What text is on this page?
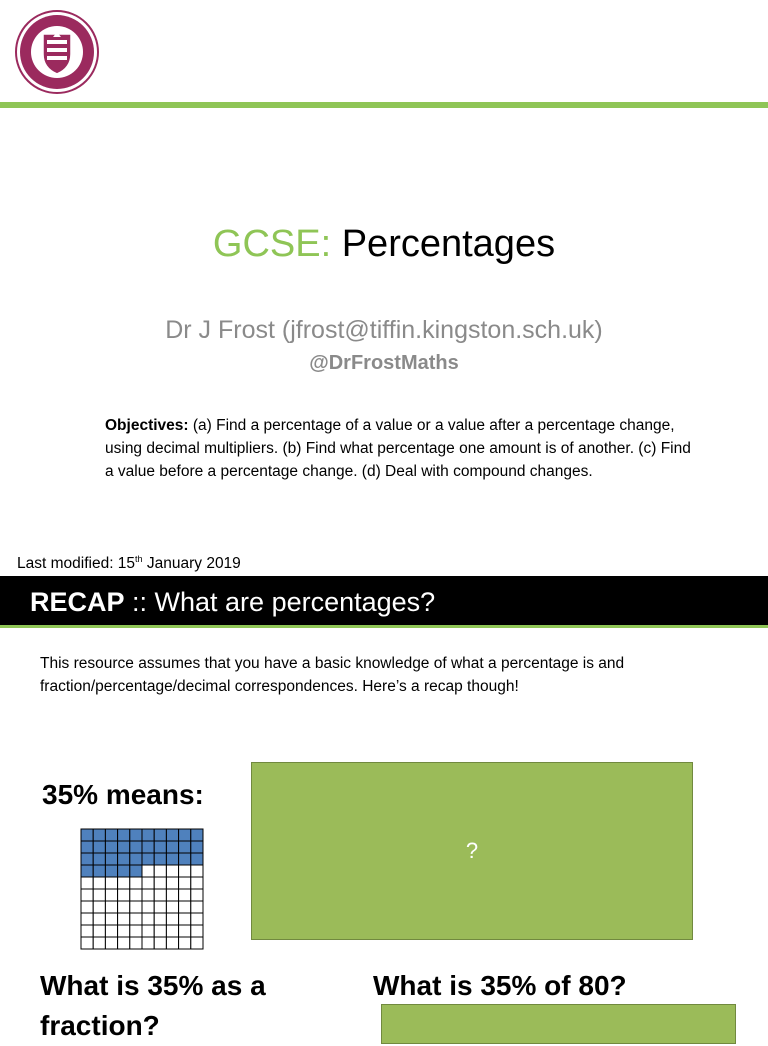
GCSE: Percentages
Dr J Frost (jfrost@tiffin.kingston.sch.uk)
@DrFrostMaths
Objectives: (a) Find a percentage of a value or a value after a percentage change, using decimal multipliers. (b) Find what percentage one amount is of another. (c) Find a value before a percentage change. (d) Deal with compound changes.
Last modified: 15th January 2019
RECAP :: What are percentages?
This resource assumes that you have a basic knowledge of what a percentage is and fraction/percentage/decimal correspondences. Here’s a recap though!
35% means:
?
What is 35% as a fraction?
What is 35% of 80?
